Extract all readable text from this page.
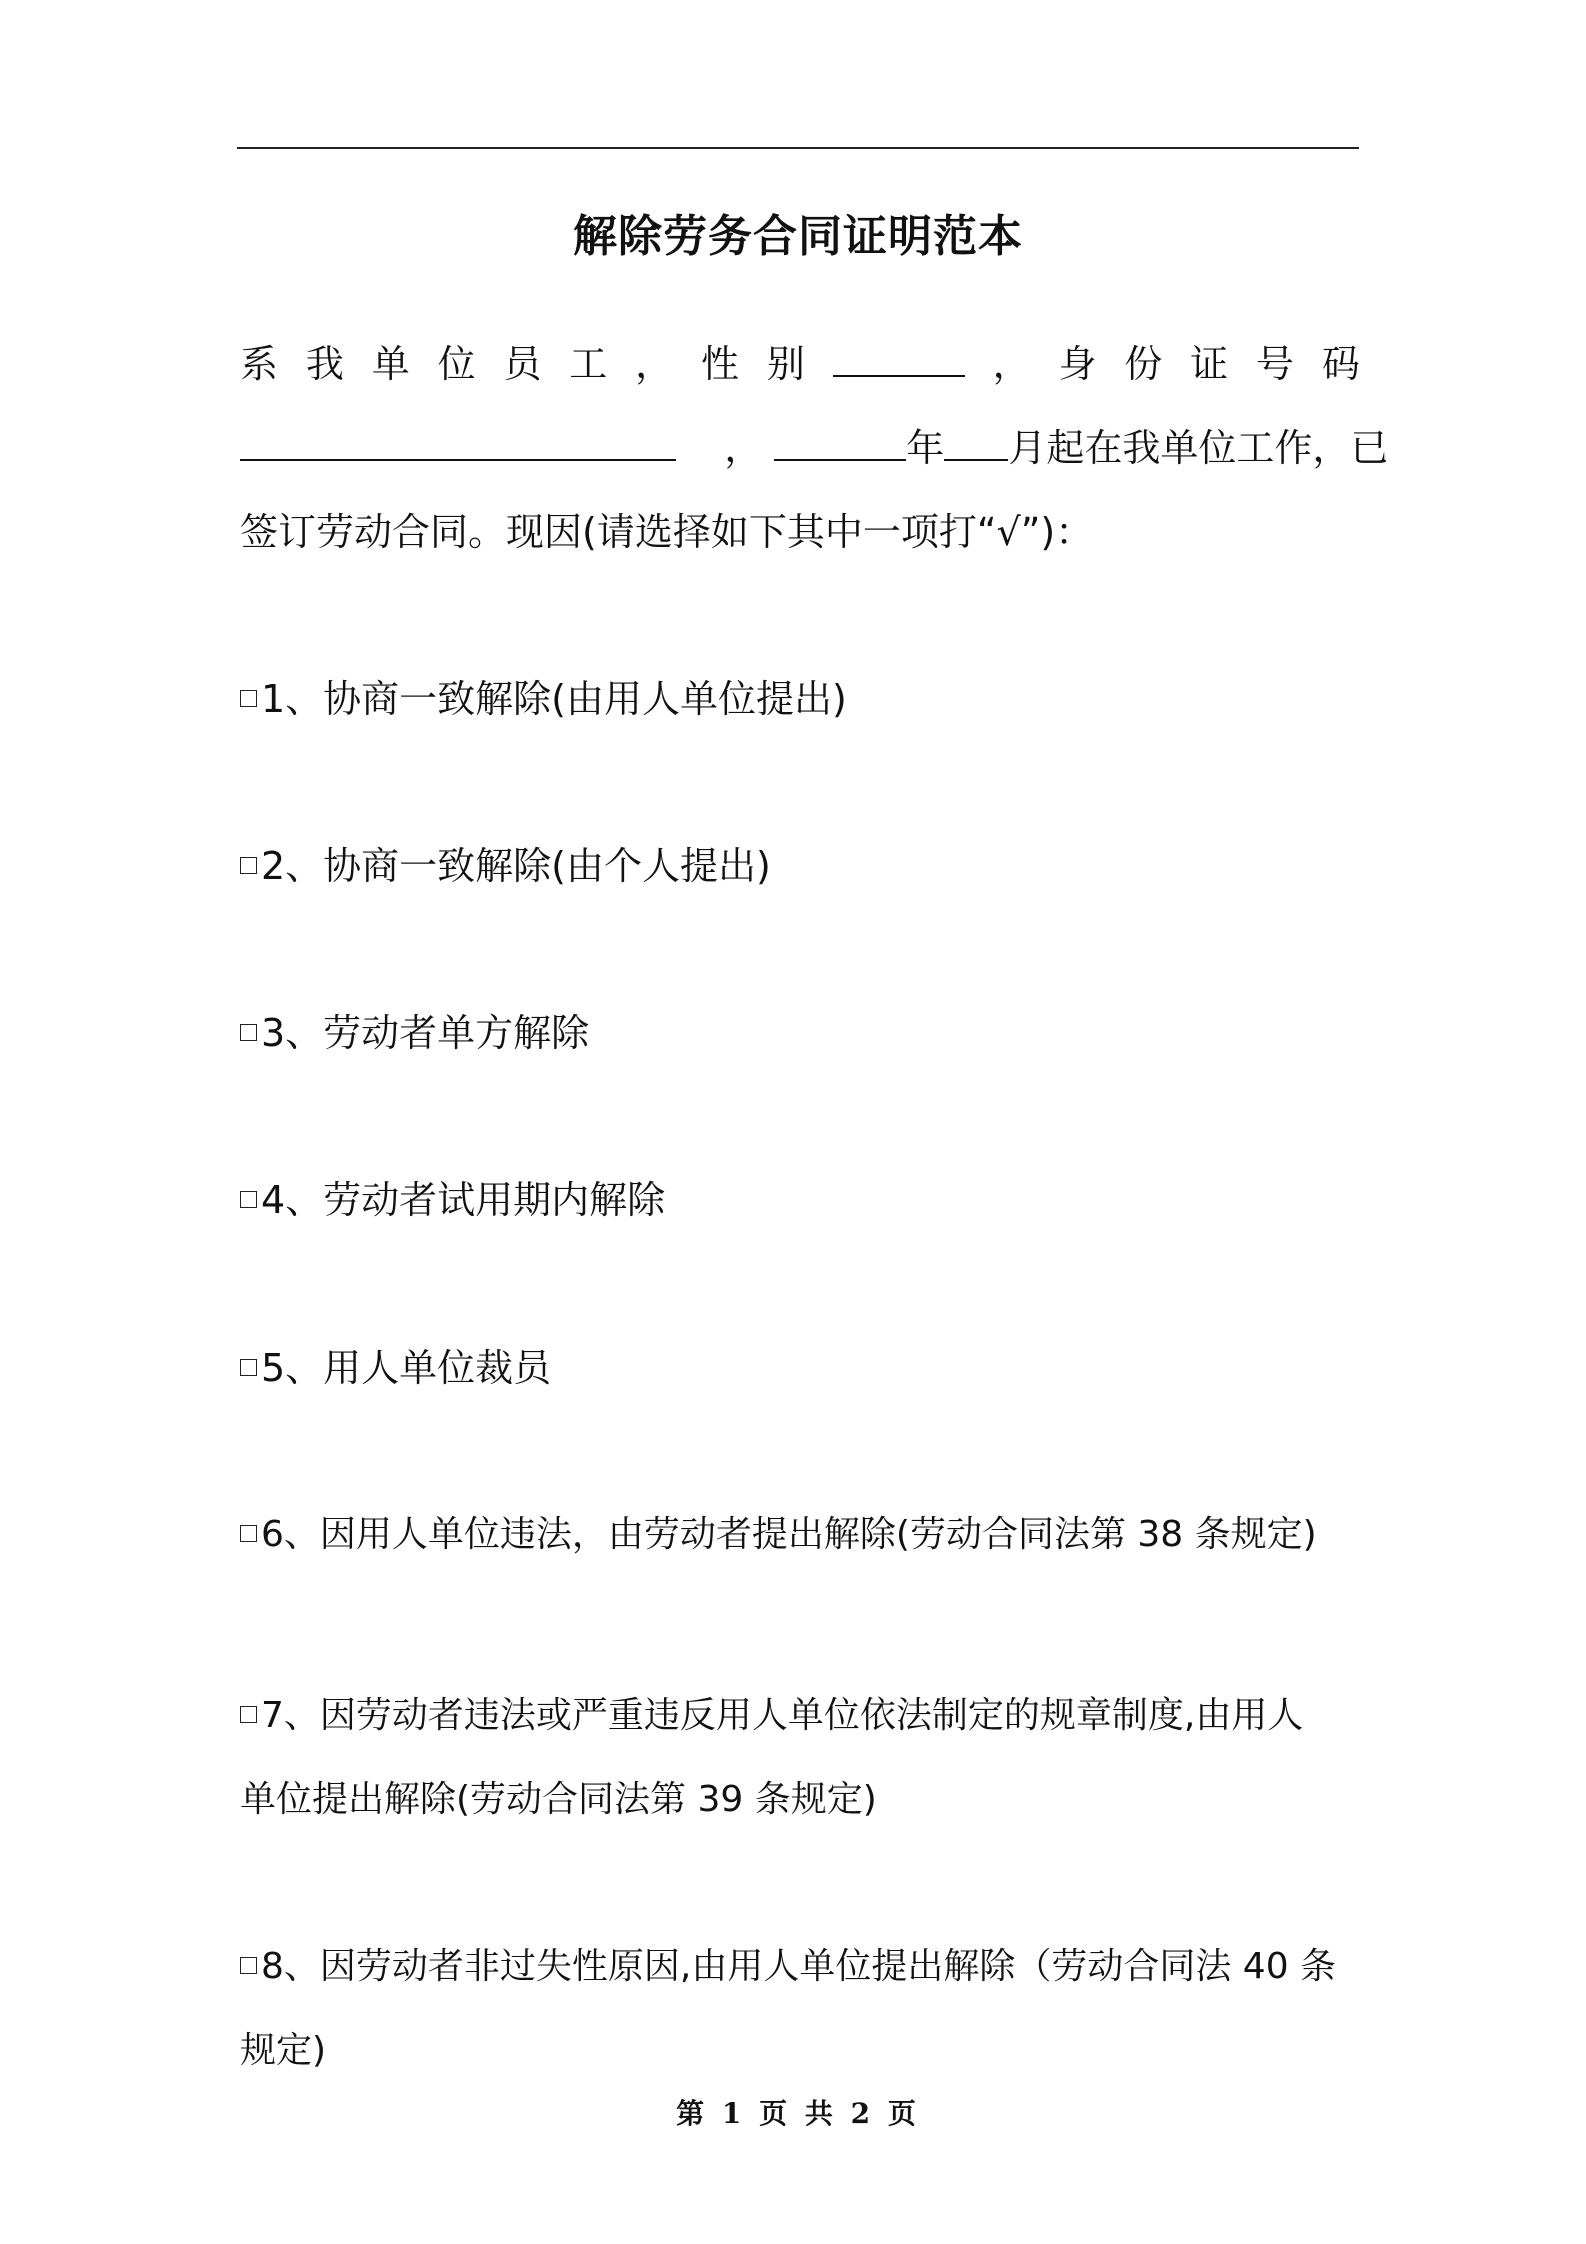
解除劳务合同证明范本
系 我 单 位 员 工 ， 性 别	， 身 份 证 号 码
，	年 月起在我单位工作，已
签订劳动合同。现因(请选择如下其中一项打“√”)：
1、协商一致解除(由用人单位提出)
2、协商一致解除(由个人提出)
3、劳动者单方解除
4、劳动者试用期内解除
5、用人单位裁员
6、因用人单位违法，由劳动者提出解除(劳动合同法第 38 条规定)
7、因劳动者违法或严重违反用人单位依法制定的规章制度,由用人
单位提出解除(劳动合同法第 39 条规定)
8、因劳动者非过失性原因,由用人单位提出解除（劳动合同法 40 条
规定)
第 1 页 共 2 页
